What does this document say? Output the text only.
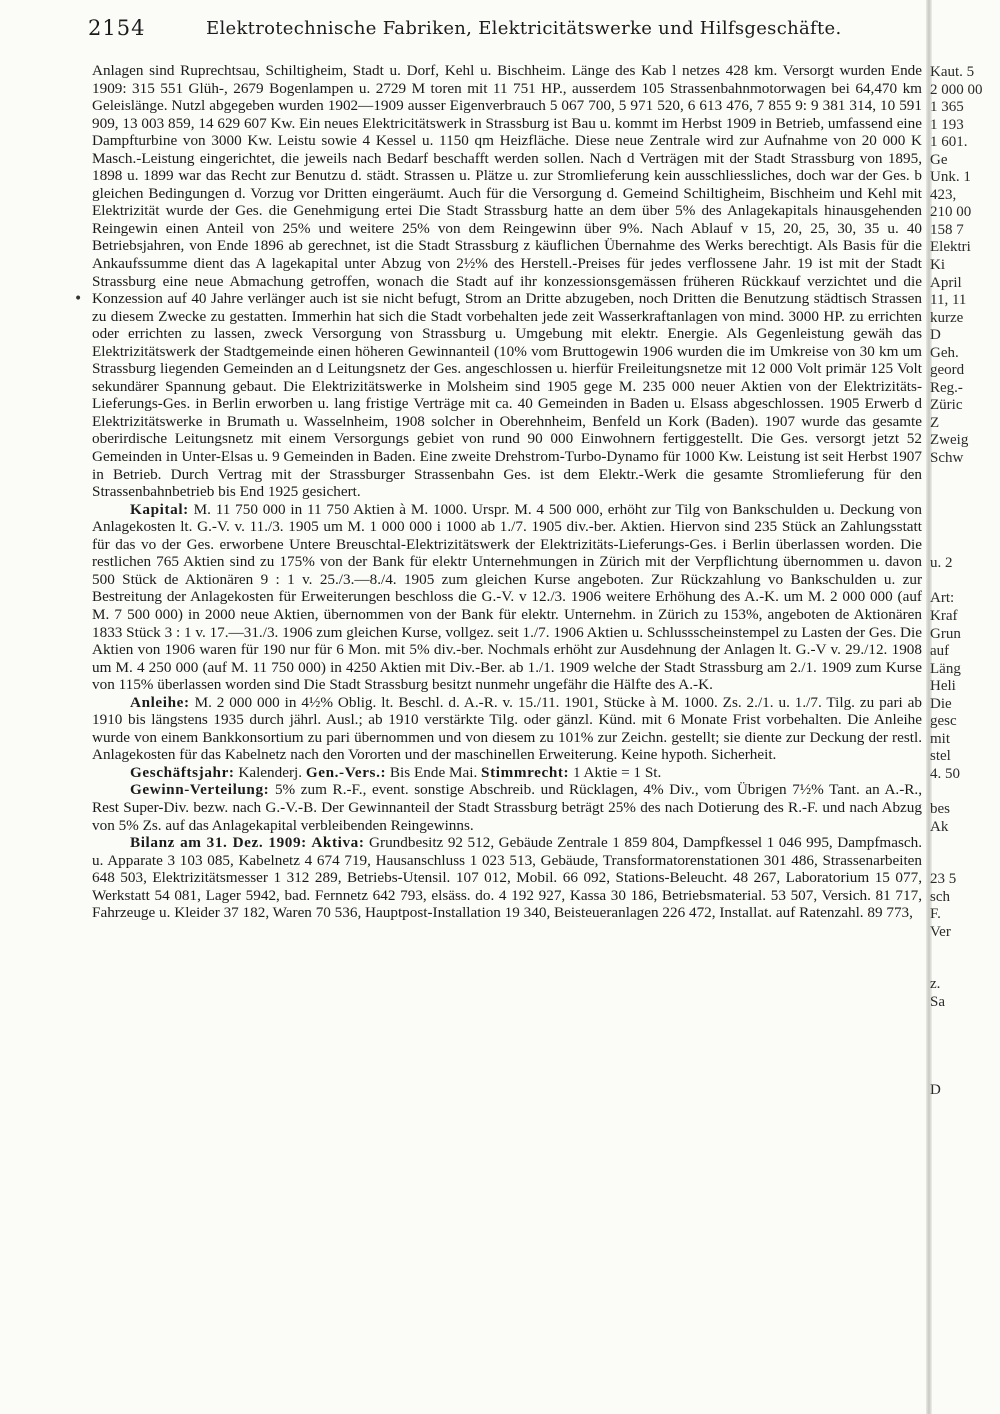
2154	Elektrotechnische Fabriken, Elektricitätswerke und Hilfsgeschäfte.
•

Anlagen sind Ruprechtsau, Schiltigheim, Stadt u. Dorf, Kehl u. Bischheim. Länge des Kab l netzes 428 km. Versorgt wurden Ende 1909: 315 551 Glüh-, 2679 Bogenlampen u. 2729 M toren mit 11 751 HP., ausserdem 105 Strassenbahnmotorwagen bei 64,470 km Geleislänge. Nutzl abgegeben wurden 1902—1909 ausser Eigenverbrauch 5 067 700, 5 971 520, 6 613 476, 7 855 9: 9 381 314, 10 591 909, 13 003 859, 14 629 607 Kw. Ein neues Elektricitätswerk in Strassburg ist Bau u. kommt im Herbst 1909 in Betrieb, umfassend eine Dampfturbine von 3000 Kw. Leistu sowie 4 Kessel u. 1150 qm Heizfläche. Diese neue Zentrale wird zur Aufnahme von 20 000 K Masch.-Leistung eingerichtet, die jeweils nach Bedarf beschafft werden sollen. Nach d Verträgen mit der Stadt Strassburg von 1895, 1898 u. 1899 war das Recht zur Benutzu d. städt. Strassen u. Plätze u. zur Stromlieferung kein ausschliessliches, doch war der Ges. b gleichen Bedingungen d. Vorzug vor Dritten eingeräumt. Auch für die Versorgung d. Gemeind Schiltigheim, Bischheim und Kehl mit Elektrizität wurde der Ges. die Genehmigung ertei Die Stadt Strassburg hatte an dem über 5% des Anlagekapitals hinausgehenden Reingewin einen Anteil von 25% und weitere 25% von dem Reingewinn über 9%. Nach Ablauf v 15, 20, 25, 30, 35 u. 40 Betriebsjahren, von Ende 1896 ab gerechnet, ist die Stadt Strassburg z käuflichen Übernahme des Werks berechtigt. Als Basis für die Ankaufssumme dient das A lagekapital unter Abzug von 2½% des Herstell.-Preises für jedes verflossene Jahr. 19 ist mit der Stadt Strassburg eine neue Abmachung getroffen, wonach die Stadt auf ihr konzessionsgemässen früheren Rückkauf verzichtet und die Konzession auf 40 Jahre verlänger auch ist sie nicht befugt, Strom an Dritte abzugeben, noch Dritten die Benutzung städtisch Strassen zu diesem Zwecke zu gestatten. Immerhin hat sich die Stadt vorbehalten jede zeit Wasserkraftanlagen von mind. 3000 HP. zu errichten oder errichten zu lassen, zweck Versorgung von Strassburg u. Umgebung mit elektr. Energie. Als Gegenleistung gewäh das Elektrizitätswerk der Stadtgemeinde einen höheren Gewinnanteil (10% vom Bruttogewin 1906 wurden die im Umkreise von 30 km um Strassburg liegenden Gemeinden an d Leitungsnetz der Ges. angeschlossen u. hierfür Freileitungsnetze mit 12 000 Volt primär 125 Volt sekundärer Spannung gebaut. Die Elektrizitätswerke in Molsheim sind 1905 gege M. 235 000 neuer Aktien von der Elektrizitäts-Lieferungs-Ges. in Berlin erworben u. lang fristige Verträge mit ca. 40 Gemeinden in Baden u. Elsass abgeschlossen. 1905 Erwerb d Elektrizitätswerke in Brumath u. Wasselnheim, 1908 solcher in Oberehnheim, Benfeld un Kork (Baden). 1907 wurde das gesamte oberirdische Leitungsnetz mit einem Versorgungs gebiet von rund 90 000 Einwohnern fertiggestellt. Die Ges. versorgt jetzt 52 Gemeinden in Unter-Elsas u. 9 Gemeinden in Baden. Eine zweite Drehstrom-Turbo-Dynamo für 1000 Kw. Leistung ist seit Herbst 1907 in Betrieb. Durch Vertrag mit der Strassburger Strassenbahn Ges. ist dem Elektr.-Werk die gesamte Stromlieferung für den Strassenbahnbetrieb bis End 1925 gesichert.

Kapital: M. 11 750 000 in 11 750 Aktien à M. 1000. Urspr. M. 4 500 000, erhöht zur Tilg von Bankschulden u. Deckung von Anlagekosten lt. G.-V. v. 11./3. 1905 um M. 1 000 000 i 1000 ab 1./7. 1905 div.-ber. Aktien. Hiervon sind 235 Stück an Zahlungsstatt für das vo der Ges. erworbene Untere Breuschtal-Elektrizitätswerk der Elektrizitäts-Lieferungs-Ges. i Berlin überlassen worden. Die restlichen 765 Aktien sind zu 175% von der Bank für elektr Unternehmungen in Zürich mit der Verpflichtung übernommen u. davon 500 Stück de Aktionären 9 : 1 v. 25./3.—8./4. 1905 zum gleichen Kurse angeboten. Zur Rückzahlung vo Bankschulden u. zur Bestreitung der Anlagekosten für Erweiterungen beschloss die G.-V. v 12./3. 1906 weitere Erhöhung des A.-K. um M. 2 000 000 (auf M. 7 500 000) in 2000 neue Aktien, übernommen von der Bank für elektr. Unternehm. in Zürich zu 153%, angeboten de Aktionären 1833 Stück 3 : 1 v. 17.—31./3. 1906 zum gleichen Kurse, vollgez. seit 1./7. 1906 Aktien u. Schlussscheinstempel zu Lasten der Ges. Die Aktien von 1906 waren für 190 nur für 6 Mon. mit 5% div.-ber. Nochmals erhöht zur Ausdehnung der Anlagen lt. G.-V v. 29./12. 1908 um M. 4 250 000 (auf M. 11 750 000) in 4250 Aktien mit Div.-Ber. ab 1./1. 1909 welche der Stadt Strassburg am 2./1. 1909 zum Kurse von 115% überlassen worden sind Die Stadt Strassburg besitzt nunmehr ungefähr die Hälfte des A.-K.

Anleihe: M. 2 000 000 in 4½% Oblig. lt. Beschl. d. A.-R. v. 15./11. 1901, Stücke à M. 1000. Zs. 2./1. u. 1./7. Tilg. zu pari ab 1910 bis längstens 1935 durch jährl. Ausl.; ab 1910 verstärkte Tilg. oder gänzl. Künd. mit 6 Monate Frist vorbehalten. Die Anleihe wurde von einem Bankkonsortium zu pari übernommen und von diesem zu 101% zur Zeichn. gestellt; sie diente zur Deckung der restl. Anlagekosten für das Kabelnetz nach den Vororten und der maschinellen Erweiterung. Keine hypoth. Sicherheit.

Geschäftsjahr: Kalenderj. Gen.-Vers.: Bis Ende Mai. Stimmrecht: 1 Aktie = 1 St.

Gewinn-Verteilung: 5% zum R.-F., event. sonstige Abschreib. und Rücklagen, 4% Div., vom Übrigen 7½% Tant. an A.-R., Rest Super-Div. bezw. nach G.-V.-B. Der Gewinnanteil der Stadt Strassburg beträgt 25% des nach Dotierung des R.-F. und nach Abzug von 5% Zs. auf das Anlagekapital verbleibenden Reingewinns.

Bilanz am 31. Dez. 1909: Aktiva: Grundbesitz 92 512, Gebäude Zentrale 1 859 804, Dampfkessel 1 046 995, Dampfmasch. u. Apparate 3 103 085, Kabelnetz 4 674 719, Hausanschluss 1 023 513, Gebäude, Transformatorenstationen 301 486, Strassenarbeiten 648 503, Elektrizitätsmesser 1 312 289, Betriebs-Utensil. 107 012, Mobil. 66 092, Stations-Beleucht. 48 267, Laboratorium 15 077, Werkstatt 54 081, Lager 5942, bad. Fernnetz 642 793, elsäss. do. 4 192 927, Kassa 30 186, Betriebsmaterial. 53 507, Versich. 81 717, Fahrzeuge u. Kleider 37 182, Waren 70 536, Hauptpost-Installation 19 340, Beisteueranlagen 226 472, Installat. auf Ratenzahl. 89 773,

Kaut. 5
2 000 00
1 365
1 193
1 601.
Ge
Unk. 1
423,
210 00
158 7
Elektri
Ki
April
11, 11
kurze
D
Geh.
geord
Reg.-
Züric
Z
Zweig
Schw
u. 2
Art:
Kraf
Grun
auf
Läng
Heli
Die
gesc
mit
stel
4. 50
bes
Ak
23 5
sch
F.
Ver
z.
Sa
D
